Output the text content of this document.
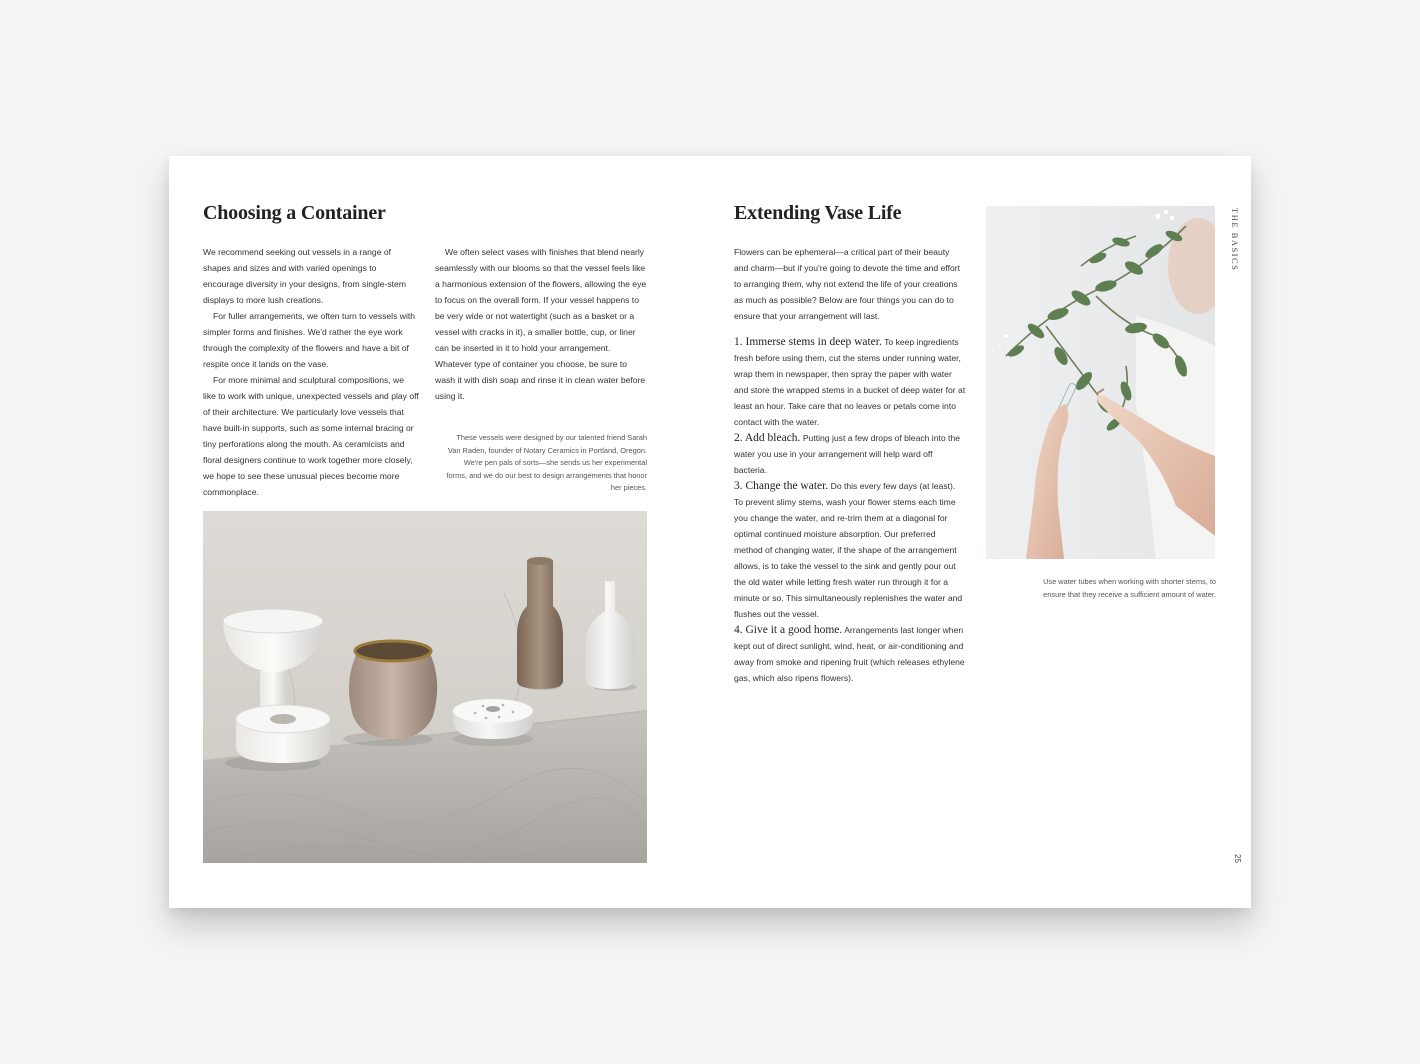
Choosing a Container

We recommend seeking out vessels in a range of shapes and sizes and with varied openings to encourage diversity in your designs, from single-stem displays to more lush creations.

For fuller arrangements, we often turn to vessels with simpler forms and finishes. We'd rather the eye work through the complexity of the flowers and have a bit of respite once it lands on the vase.

For more minimal and sculptural compositions, we like to work with unique, unexpected vessels and play off of their architecture. We particularly love vessels that have built-in supports, such as some internal bracing or tiny perforations along the mouth. As ceramicists and floral designers continue to work together more closely, we hope to see these unusual pieces become more commonplace.

We often select vases with finishes that blend nearly seamlessly with our blooms so that the vessel feels like a harmonious extension of the flowers, allowing the eye to focus on the overall form. If your vessel happens to be very wide or not watertight (such as a basket or a vessel with cracks in it), a smaller bottle, cup, or liner can be inserted in it to hold your arrangement. Whatever type of container you choose, be sure to wash it with dish soap and rinse it in clean water before using it.

These vessels were designed by our talented friend Sarah Van Raden, founder of Notary Ceramics in Portland, Oregon. We're pen pals of sorts—she sends us her experimental forms, and we do our best to design arrangements that honor her pieces.
Extending Vase Life

Flowers can be ephemeral—a critical part of their beauty and charm—but if you're going to devote the time and effort to arranging them, why not extend the life of your creations as much as possible? Below are four things you can do to ensure that your arrangement will last.

1. Immerse stems in deep water. To keep ingredients fresh before using them, cut the stems under running water, wrap them in newspaper, then spray the paper with water and store the wrapped stems in a bucket of deep water for at least an hour. Take care that no leaves or petals come into contact with the water.

2. Add bleach. Putting just a few drops of bleach into the water you use in your arrangement will help ward off bacteria.

3. Change the water. Do this every few days (at least). To prevent slimy stems, wash your flower stems each time you change the water, and re-trim them at a diagonal for optimal continued moisture absorption. Our preferred method of changing water, if the shape of the arrangement allows, is to take the vessel to the sink and gently pour out the old water while letting fresh water run through it for a minute or so. This simultaneously replenishes the water and flushes out the vessel.

4. Give it a good home. Arrangements last longer when kept out of direct sunlight, wind, heat, or air-conditioning and away from smoke and ripening fruit (which releases ethylene gas, which also ripens flowers).

Use water tubes when working with shorter stems, to ensure that they receive a sufficient amount of water.
THE BASICS
25
